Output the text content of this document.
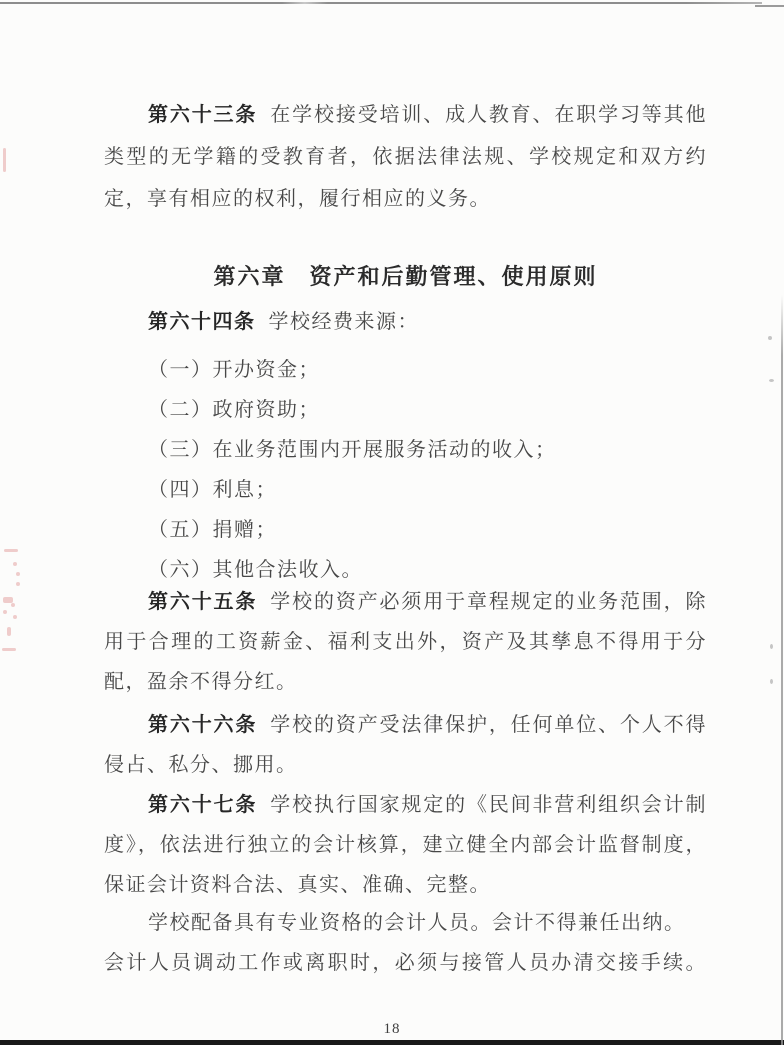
第六十三条 在学校接受培训、成人教育、在职学习等其他
类型的无学籍的受教育者，依据法律法规、学校规定和双方约
定，享有相应的权利，履行相应的义务。
第六章　资产和后勤管理、使用原则
第六十四条 学校经费来源：
（一）开办资金；
（二）政府资助；
（三）在业务范围内开展服务活动的收入；
（四）利息；
（五）捐赠；
（六）其他合法收入。
第六十五条 学校的资产必须用于章程规定的业务范围，除
用于合理的工资薪金、福利支出外，资产及其孳息不得用于分
配，盈余不得分红。
第六十六条 学校的资产受法律保护，任何单位、个人不得
侵占、私分、挪用。
第六十七条 学校执行国家规定的《民间非营利组织会计制
度》，依法进行独立的会计核算，建立健全内部会计监督制度，
保证会计资料合法、真实、准确、完整。
学校配备具有专业资格的会计人员。会计不得兼任出纳。
会计人员调动工作或离职时，必须与接管人员办清交接手续。
18
